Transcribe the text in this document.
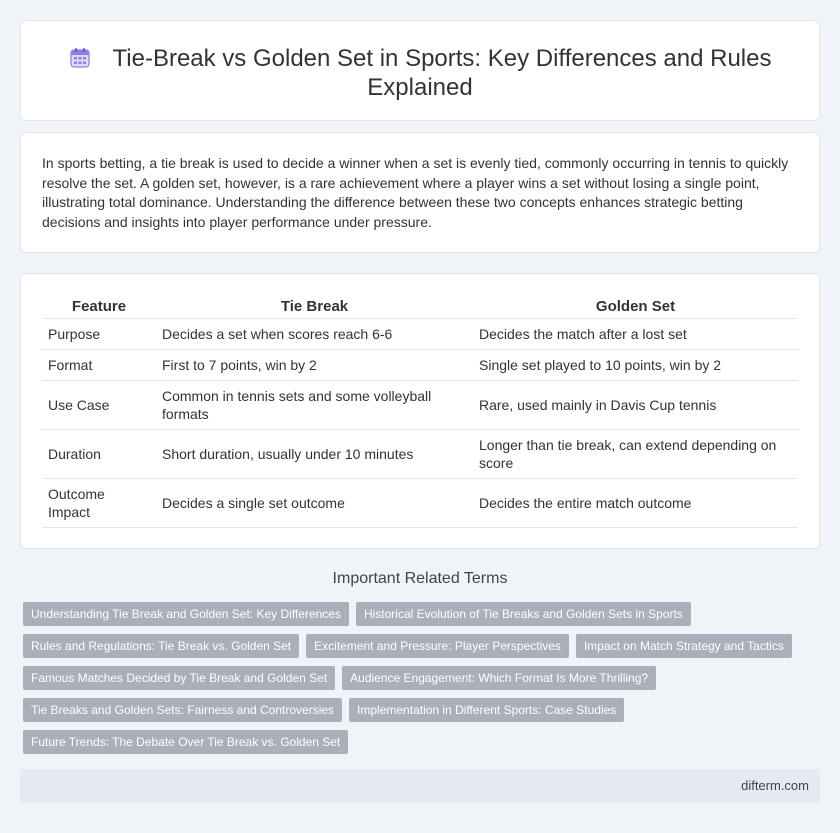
Tie-Break vs Golden Set in Sports: Key Differences and Rules Explained

In sports betting, a tie break is used to decide a winner when a set is evenly tied, commonly occurring in tennis to quickly resolve the set. A golden set, however, is a rare achievement where a player wins a set without losing a single point, illustrating total dominance. Understanding the difference between these two concepts enhances strategic betting decisions and insights into player performance under pressure.

Feature	Tie Break	Golden Set
Purpose	Decides a set when scores reach 6-6	Decides the match after a lost set
Format	First to 7 points, win by 2	Single set played to 10 points, win by 2
Use Case	Common in tennis sets and some volleyball formats	Rare, used mainly in Davis Cup tennis
Duration	Short duration, usually under 10 minutes	Longer than tie break, can extend depending on score
Outcome Impact	Decides a single set outcome	Decides the entire match outcome
Important Related Terms
Understanding Tie Break and Golden Set: Key Differences	Historical Evolution of Tie Breaks and Golden Sets in Sports
Rules and Regulations: Tie Break vs. Golden Set	Excitement and Pressure: Player Perspectives	Impact on Match Strategy and Tactics
Famous Matches Decided by Tie Break and Golden Set	Audience Engagement: Which Format Is More Thrilling?
Tie Breaks and Golden Sets: Fairness and Controversies	Implementation in Different Sports: Case Studies
Future Trends: The Debate Over Tie Break vs. Golden Set
difterm.com
